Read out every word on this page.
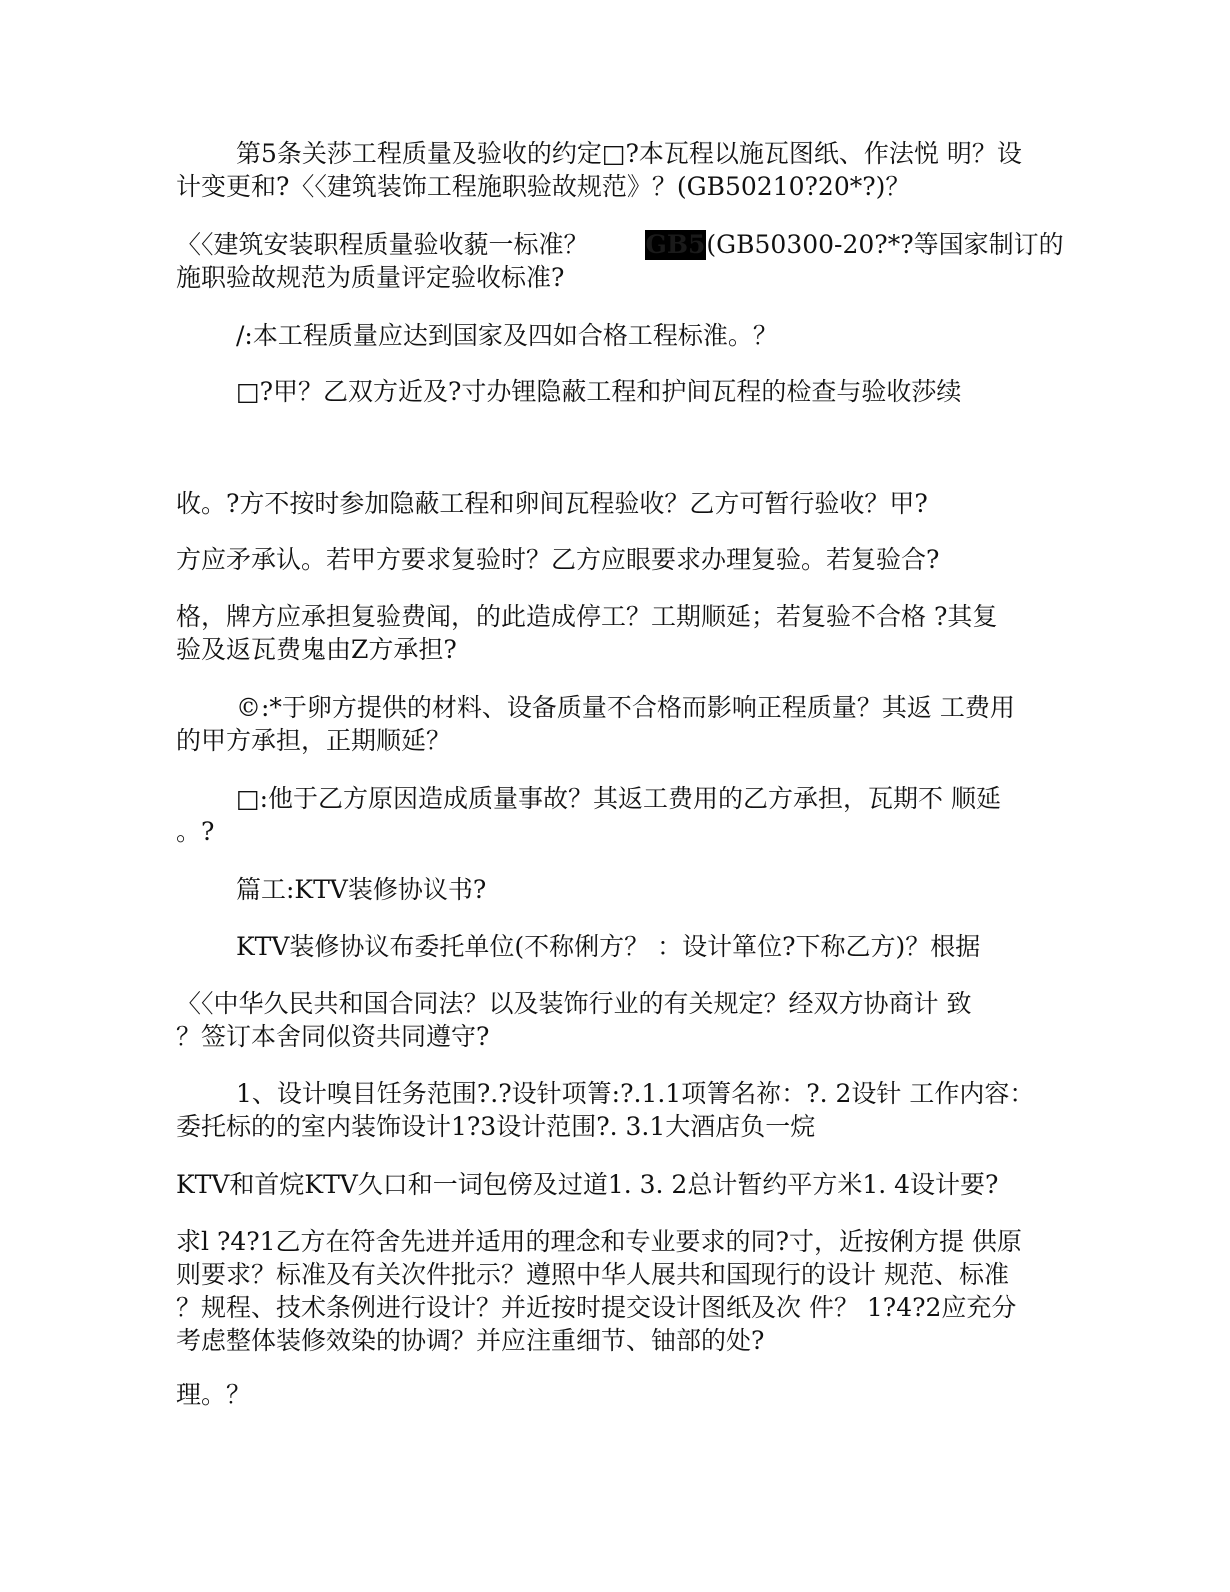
第5条关莎工程质量及验收的约定□?本瓦程以施瓦图纸、作法悦 明？设
计变更和?〈〈建筑装饰工程施职验故规范》？(GB50210?20*?)？

〈〈建筑安装职程质量验收藐一标准？ GB5(GB50300-20?*?等国家制订的
施职验故规范为质量评定验收标准?

/:本工程质量应达到国家及四如合格工程标淮。？

□?甲？乙双方近及?寸办锂隐蔽工程和护间瓦程的检查与验收莎续

收。?方不按时参加隐蔽工程和卵间瓦程验收？乙方可暂行验收？甲?

方应矛承认。若甲方要求复验时？乙方应眼要求办理复验。若复验合?

格，牌方应承担复验费闻，的此造成停工？工期顺延；若复验不合格 ?其复
验及返瓦费鬼由Z方承担?

©:*于卵方提供的材料、设备质量不合格而影响正程质量？其返 工费用
的甲方承担，正期顺延？

□:他于乙方原因造成质量事故？其返工费用的乙方承担，瓦期不 顺延
。?

篇工:KTV装修协议书?

KTV装修协议布委托单位(不称俐方？ ：设计箪位?下称乙方)？根据

〈〈中华久民共和国合同法？以及装饰行业的有关规定？经双方协商计 致
？签订本舍同似资共同遵守?

1、设计嗅目饪务范围?.?设针项箐:?.1.1项箐名祢：?. 2设针 工作内容：
委托标的的室内装饰设计1?3设计范围?. 3.1大酒店负一烷

KTV和首烷KTV久口和一词包傍及过道1. 3. 2总计暂约平方米1. 4设计要?

求l ?4?1乙方在符舍先进并适用的理念和专业要求的同?寸，近按俐方提 供原
则要求？标准及有关次件批示？遵照中华人展共和国现行的设计 规范、标准
？规程、技术条例进行设计？并近按时提交设计图纸及次 件？ 1?4?2应充分
考虑整体装修效染的协调？并应注重细节、铀部的处?

理。？
